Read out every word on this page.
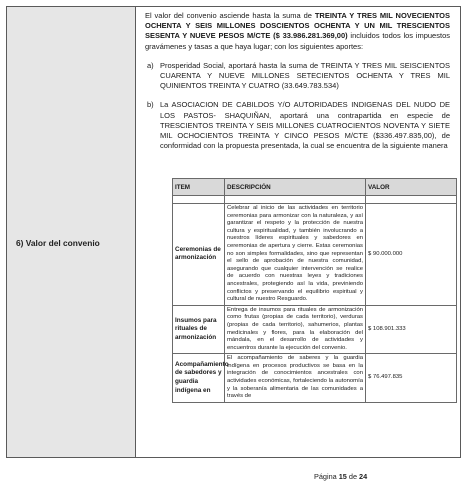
6) Valor del convenio

El valor del convenio asciende hasta la suma de TREINTA Y TRES MIL NOVECIENTOS OCHENTA Y SEIS MILLONES DOSCIENTOS OCHENTA Y UN MIL TRESCIENTOS SESENTA Y NUEVE PESOS M/CTE ($ 33.986.281.369,00) incluidos todos los impuestos gravámenes y tasas a que haya lugar; con los siguientes aportes:

a) Prosperidad Social, aportará hasta la suma de TREINTA Y TRES MIL SEISCIENTOS CUARENTA Y NUEVE MILLONES SETECIENTOS OCHENTA Y TRES MIL QUINIENTOS TREINTA Y CUATRO (33.649.783.534)
b) La ASOCIACION DE CABILDOS Y/O AUTORIDADES INDIGENAS DEL NUDO DE LOS PASTOS- SHAQUIÑAN, aportará una contrapartida en especie de TRESCIENTOS TREINTA Y SEIS MILLONES CUATROCIENTOS NOVENTA Y SIETE MIL OCHOCIENTOS TREINTA Y CINCO PESOS M/CTE ($336.497.835,00), de conformidad con la propuesta presentada, la cual se encuentra de la siguiente manera
ITEM	DESCRIPCIÓN	VALOR

Ceremonias de armonización	Celebrar al inicio de las actividades en territorio ceremonias para armonizar con la naturaleza, y así garantizar el respeto y la protección de nuestra cultura y espiritualidad, y también involucrando a nuestros líderes espirituales y sabedores en ceremonias de apertura y cierre. Estas ceremonias no son simples formalidades, sino que representan el sello de aprobación de nuestra comunidad, asegurando que cualquier intervención se realice de acuerdo con nuestras leyes y tradiciones ancestrales, protegiendo así la vida, previniendo conflictos y preservando el equilibrio espiritual y cultural de nuestro Resguardo.	$ 90.000.000
Insumos para rituales de armonización	Entrega de insumos para rituales de armonización como frutas (propias de cada territorio), verduras (propias de cada territorio), sahumerios, plantas medicinales y flores, para la elaboración del mándala, en el desarrollo de actividades y encuentros durante la ejecución del convenio.	$ 108.901.333
Acompañamiento de sabedores y guardia indígena en	El acompañamiento de saberes y la guardia indígena en procesos productivos se basa en la integración de conocimientos ancestrales con actividades económicas, fortaleciendo la autonomía y la soberanía alimentaria de las comunidades a través de	$ 76.497.835
Página 15 de 24
